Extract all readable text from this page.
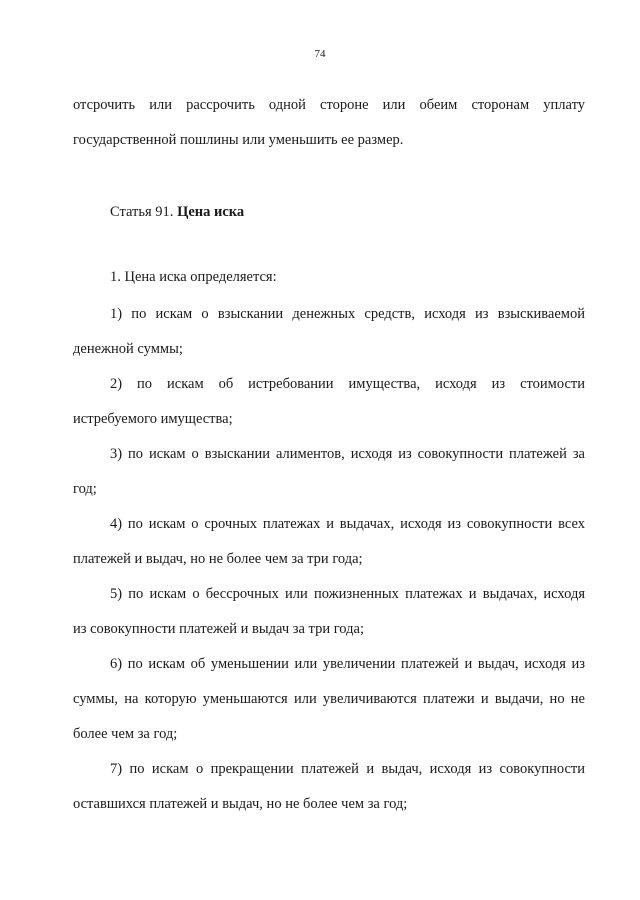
74
отсрочить или рассрочить одной стороне или обеим сторонам уплату
государственной пошлины или уменьшить ее размер.
Статья 91. Цена иска
1. Цена иска определяется:
1) по искам о взыскании денежных средств, исходя из взыскиваемой
денежной суммы;
2) по искам об истребовании имущества, исходя из стоимости
истребуемого имущества;
3) по искам о взыскании алиментов, исходя из совокупности платежей за
год;
4) по искам о срочных платежах и выдачах, исходя из совокупности всех
платежей и выдач, но не более чем за три года;
5) по искам о бессрочных или пожизненных платежах и выдачах, исходя
из совокупности платежей и выдач за три года;
6) по искам об уменьшении или увеличении платежей и выдач, исходя из
суммы, на которую уменьшаются или увеличиваются платежи и выдачи, но не
более чем за год;
7) по искам о прекращении платежей и выдач, исходя из совокупности
оставшихся платежей и выдач, но не более чем за год;
